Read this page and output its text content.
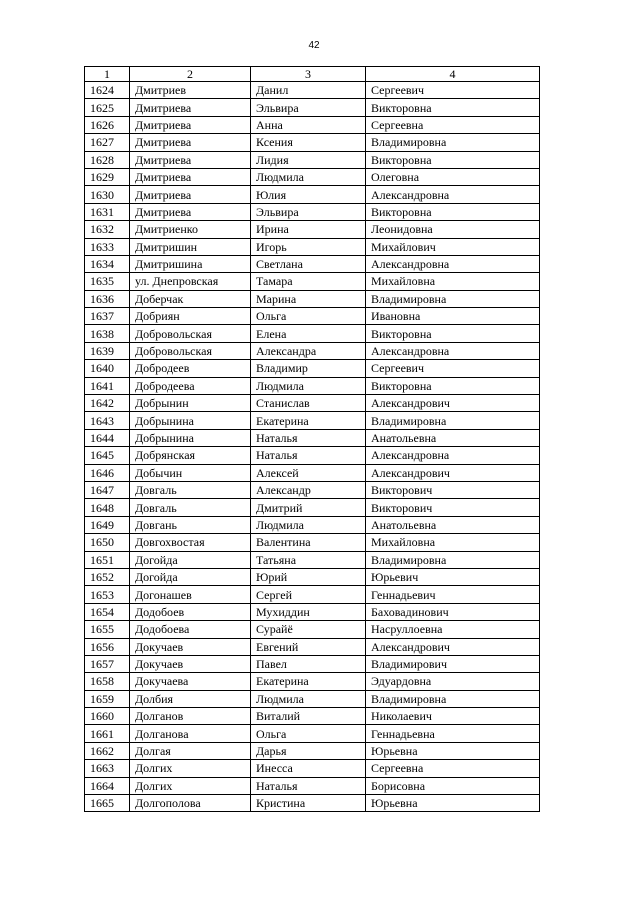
42
1	2	3	4
1624	Дмитриев	Данил	Сергеевич
1625	Дмитриева	Эльвира	Викторовна
1626	Дмитриева	Анна	Сергеевна
1627	Дмитриева	Ксения	Владимировна
1628	Дмитриева	Лидия	Викторовна
1629	Дмитриева	Людмила	Олеговна
1630	Дмитриева	Юлия	Александровна
1631	Дмитриева	Эльвира	Викторовна
1632	Дмитриенко	Ирина	Леонидовна
1633	Дмитришин	Игорь	Михайлович
1634	Дмитришина	Светлана	Александровна
1635	ул. Днепровская	Тамара	Михайловна
1636	Доберчак	Марина	Владимировна
1637	Добриян	Ольга	Ивановна
1638	Добровольская	Елена	Викторовна
1639	Добровольская	Александра	Александровна
1640	Добродеев	Владимир	Сергеевич
1641	Добродеева	Людмила	Викторовна
1642	Добрынин	Станислав	Александрович
1643	Добрынина	Екатерина	Владимировна
1644	Добрынина	Наталья	Анатольевна
1645	Добрянская	Наталья	Александровна
1646	Добычин	Алексей	Александрович
1647	Довгаль	Александр	Викторович
1648	Довгаль	Дмитрий	Викторович
1649	Довгань	Людмила	Анатольевна
1650	Довгохвостая	Валентина	Михайловна
1651	Догойда	Татьяна	Владимировна
1652	Догойда	Юрий	Юрьевич
1653	Догонашев	Сергей	Геннадьевич
1654	Додобоев	Мухиддин	Баховадинович
1655	Додобоева	Сурайё	Насруллоевна
1656	Докучаев	Евгений	Александрович
1657	Докучаев	Павел	Владимирович
1658	Докучаева	Екатерина	Эдуардовна
1659	Долбия	Людмила	Владимировна
1660	Долганов	Виталий	Николаевич
1661	Долганова	Ольга	Геннадьевна
1662	Долгая	Дарья	Юрьевна
1663	Долгих	Инесса	Сергеевна
1664	Долгих	Наталья	Борисовна
1665	Долгополова	Кристина	Юрьевна
